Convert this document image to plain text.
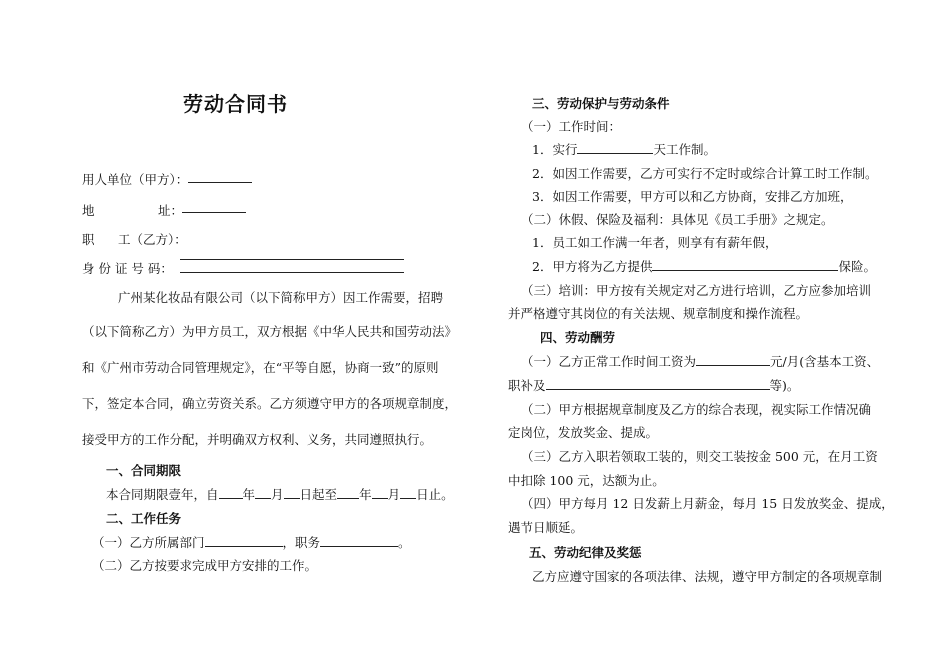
劳动合同书
用人单位（甲方）：
地	址：
职 工（乙方）：
身 份 证 号 码：
广州某化妆品有限公司（以下简称甲方）因工作需要，招聘
（以下简称乙方）为甲方员工，双方根据《中华人民共和国劳动法》
和《广州市劳动合同管理规定》，在“平等自愿，协商一致”的原则
下，签定本合同，确立劳资关系。乙方须遵守甲方的各项规章制度，
接受甲方的工作分配，并明确双方权利、义务，共同遵照执行。
一、合同期限
本合同期限壹年，自 年 月 日起至 年 月 日止。
二、工作任务
（一）乙方所属部门	，职务	。
（二）乙方按要求完成甲方安排的工作。
三、劳动保护与劳动条件
（一）工作时间：
1．实行	天工作制。
2．如因工作需要，乙方可实行不定时或综合计算工时工作制。
3．如因工作需要，甲方可以和乙方协商，安排乙方加班，
（二）休假、保险及福利：具体见《员工手册》之规定。
1．员工如工作满一年者，则享有有薪年假，
2．甲方将为乙方提供	保险。
（三）培训：甲方按有关规定对乙方进行培训，乙方应参加培训
并严格遵守其岗位的有关法规、规章制度和操作流程。
四、劳动酬劳
（一）乙方正常工作时间工资为	元/月(含基本工资、
职补及	等)。
（二）甲方根据规章制度及乙方的综合表现，视实际工作情况确
定岗位，发放奖金、提成。
（三）乙方入职若领取工装的，则交工装按金 500 元，在月工资
中扣除 100 元，达额为止。
（四）甲方每月 12 日发薪上月薪金，每月 15 日发放奖金、提成，
遇节日顺延。
五、劳动纪律及奖惩
乙方应遵守国家的各项法律、法规，遵守甲方制定的各项规章制
